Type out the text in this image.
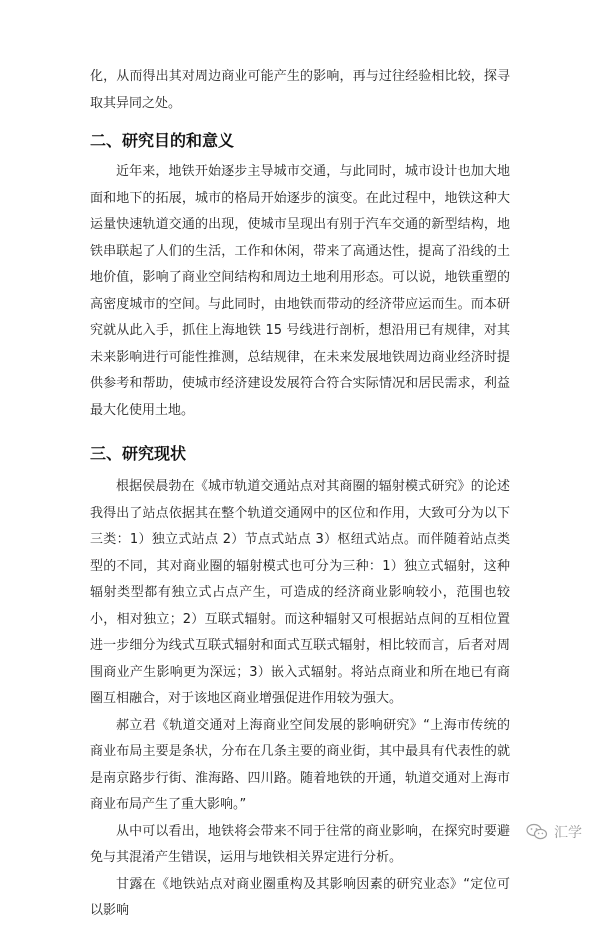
化，从而得出其对周边商业可能产生的影响，再与过往经验相比较，探寻取其异同之处。

二、研究目的和意义

近年来，地铁开始逐步主导城市交通，与此同时，城市设计也加大地面和地下的拓展，城市的格局开始逐步的演变。在此过程中，地铁这种大运量快速轨道交通的出现，使城市呈现出有别于汽车交通的新型结构，地铁串联起了人们的生活，工作和休闲，带来了高通达性，提高了沿线的土地价值，影响了商业空间结构和周边土地利用形态。可以说，地铁重塑的高密度城市的空间。与此同时，由地铁而带动的经济带应运而生。而本研究就从此入手，抓住上海地铁 15 号线进行剖析，想沿用已有规律，对其未来影响进行可能性推测，总结规律，在未来发展地铁周边商业经济时提供参考和帮助，使城市经济建设发展符合符合实际情况和居民需求，利益最大化使用土地。

三、研究现状

根据侯晨勃在《城市轨道交通站点对其商圈的辐射模式研究》的论述我得出了站点依据其在整个轨道交通网中的区位和作用，大致可分为以下三类：1）独立式站点 2）节点式站点 3）枢纽式站点。而伴随着站点类型的不同，其对商业圈的辐射模式也可分为三种：1）独立式辐射，这种辐射类型都有独立式占点产生，可造成的经济商业影响较小，范围也较小，相对独立；2）互联式辐射。而这种辐射又可根据站点间的互相位置进一步细分为线式互联式辐射和面式互联式辐射，相比较而言，后者对周围商业产生影响更为深远；3）嵌入式辐射。将站点商业和所在地已有商圈互相融合，对于该地区商业增强促进作用较为强大。

郝立君《轨道交通对上海商业空间发展的影响研究》“上海市传统的商业布局主要是条状，分布在几条主要的商业街，其中最具有代表性的就是南京路步行街、淮海路、四川路。随着地铁的开通，轨道交通对上海市商业布局产生了重大影响。”

从中可以看出，地铁将会带来不同于往常的商业影响，在探究时要避免与其混淆产生错误，运用与地铁相关界定进行分析。

甘露在《地铁站点对商业圈重构及其影响因素的研究业态》“定位可以影响

汇学
